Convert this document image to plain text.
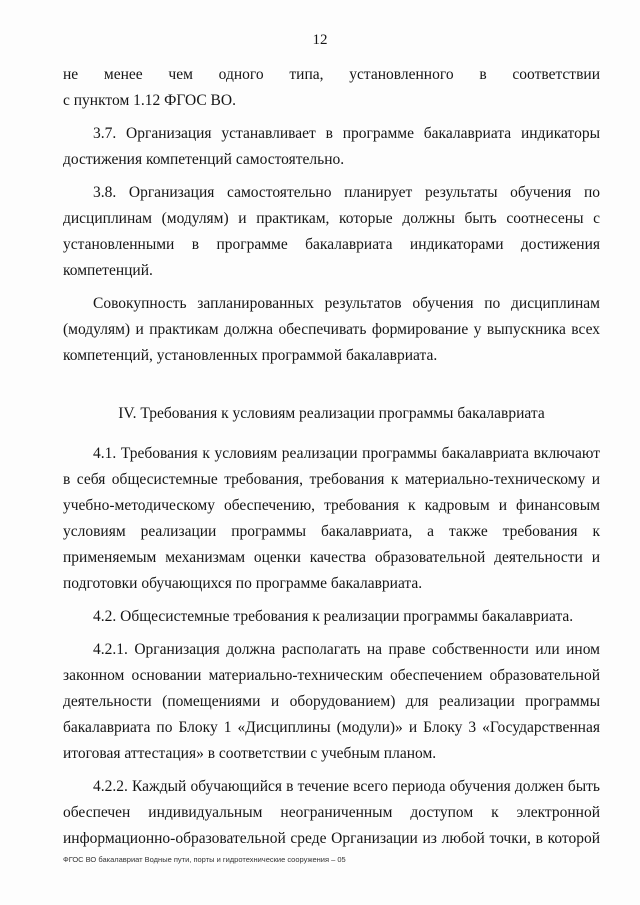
12
не менее чем одного типа, установленного в соответствии
с пунктом 1.12 ФГОС ВО.
3.7. Организация устанавливает в программе бакалавриата индикаторы достижения компетенций самостоятельно.
3.8. Организация самостоятельно планирует результаты обучения по дисциплинам (модулям) и практикам, которые должны быть соотнесены с установленными в программе бакалавриата индикаторами достижения компетенций.
Совокупность запланированных результатов обучения по дисциплинам (модулям) и практикам должна обеспечивать формирование у выпускника всех компетенций, установленных программой бакалавриата.
IV. Требования к условиям реализации программы бакалавриата
4.1. Требования к условиям реализации программы бакалавриата включают в себя общесистемные требования, требования к материально-техническому и учебно-методическому обеспечению, требования к кадровым и финансовым условиям реализации программы бакалавриата, а также требования к применяемым механизмам оценки качества образовательной деятельности и подготовки обучающихся по программе бакалавриата.
4.2. Общесистемные требования к реализации программы бакалавриата.
4.2.1. Организация должна располагать на праве собственности или ином законном основании материально-техническим обеспечением образовательной деятельности (помещениями и оборудованием) для реализации программы бакалавриата по Блоку 1 «Дисциплины (модули)» и Блоку 3 «Государственная итоговая аттестация» в соответствии с учебным планом.
4.2.2. Каждый обучающийся в течение всего периода обучения должен быть обеспечен индивидуальным неограниченным доступом к электронной информационно-образовательной среде Организации из любой точки, в которой
ФГОС ВО бакалавриат Водные пути, порты и гидротехнические сооружения – 05
